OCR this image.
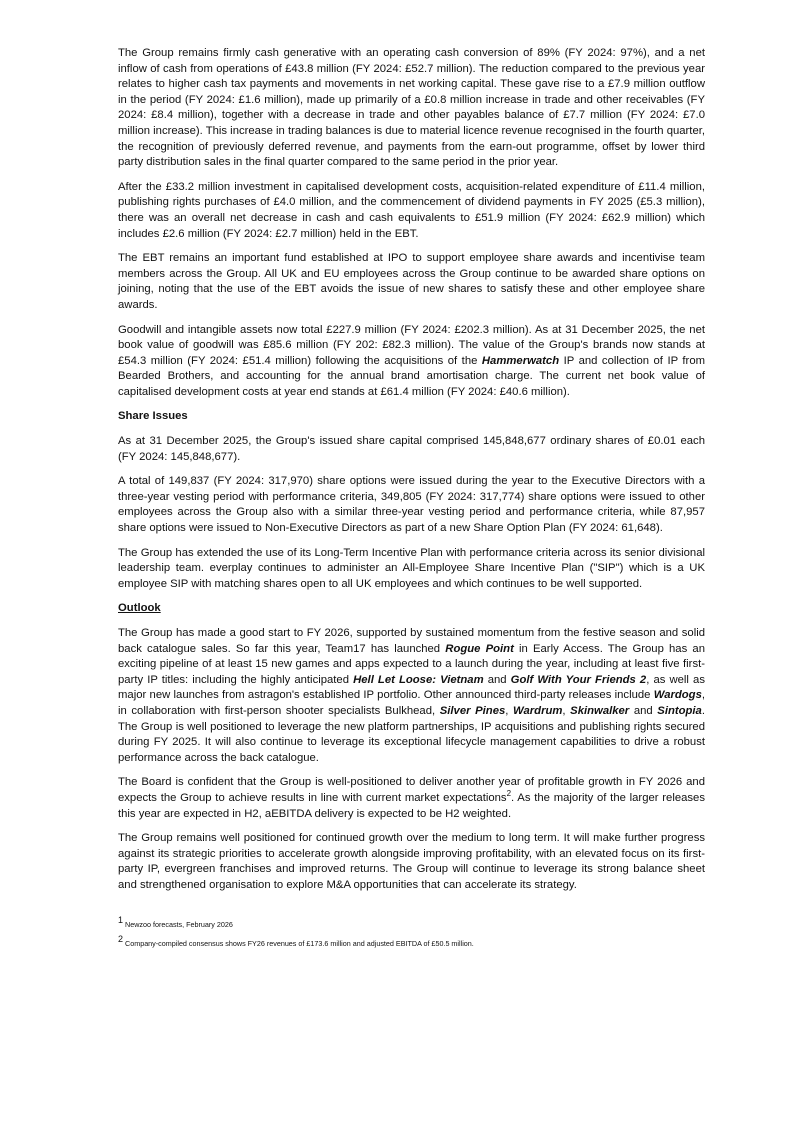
The Group remains firmly cash generative with an operating cash conversion of 89% (FY 2024: 97%), and a net inflow of cash from operations of £43.8 million (FY 2024: £52.7 million). The reduction compared to the previous year relates to higher cash tax payments and movements in net working capital. These gave rise to a £7.9 million outflow in the period (FY 2024: £1.6 million), made up primarily of a £0.8 million increase in trade and other receivables (FY 2024: £8.4 million), together with a decrease in trade and other payables balance of £7.7 million (FY 2024: £7.0 million increase). This increase in trading balances is due to material licence revenue recognised in the fourth quarter, the recognition of previously deferred revenue, and payments from the earn-out programme, offset by lower third party distribution sales in the final quarter compared to the same period in the prior year.

After the £33.2 million investment in capitalised development costs, acquisition-related expenditure of £11.4 million, publishing rights purchases of £4.0 million, and the commencement of dividend payments in FY 2025 (£5.3 million), there was an overall net decrease in cash and cash equivalents to £51.9 million (FY 2024: £62.9 million) which includes £2.6 million (FY 2024: £2.7 million) held in the EBT.

The EBT remains an important fund established at IPO to support employee share awards and incentivise team members across the Group. All UK and EU employees across the Group continue to be awarded share options on joining, noting that the use of the EBT avoids the issue of new shares to satisfy these and other employee share awards.

Goodwill and intangible assets now total £227.9 million (FY 2024: £202.3 million). As at 31 December 2025, the net book value of goodwill was £85.6 million (FY 202: £82.3 million). The value of the Group's brands now stands at £54.3 million (FY 2024: £51.4 million) following the acquisitions of the Hammerwatch IP and collection of IP from Bearded Brothers, and accounting for the annual brand amortisation charge. The current net book value of capitalised development costs at year end stands at £61.4 million (FY 2024: £40.6 million).

Share Issues

As at 31 December 2025, the Group's issued share capital comprised 145,848,677 ordinary shares of £0.01 each (FY 2024: 145,848,677).

A total of 149,837 (FY 2024: 317,970) share options were issued during the year to the Executive Directors with a three-year vesting period with performance criteria, 349,805 (FY 2024: 317,774) share options were issued to other employees across the Group also with a similar three-year vesting period and performance criteria, while 87,957 share options were issued to Non-Executive Directors as part of a new Share Option Plan (FY 2024: 61,648).

The Group has extended the use of its Long-Term Incentive Plan with performance criteria across its senior divisional leadership team. everplay continues to administer an All-Employee Share Incentive Plan ("SIP") which is a UK employee SIP with matching shares open to all UK employees and which continues to be well supported.

Outlook

The Group has made a good start to FY 2026, supported by sustained momentum from the festive season and solid back catalogue sales. So far this year, Team17 has launched Rogue Point in Early Access. The Group has an exciting pipeline of at least 15 new games and apps expected to a launch during the year, including at least five first-party IP titles: including the highly anticipated Hell Let Loose: Vietnam and Golf With Your Friends 2, as well as major new launches from astragon's established IP portfolio. Other announced third-party releases include Wardogs, in collaboration with first-person shooter specialists Bulkhead, Silver Pines, Wardrum, Skinwalker and Sintopia. The Group is well positioned to leverage the new platform partnerships, IP acquisitions and publishing rights secured during FY 2025. It will also continue to leverage its exceptional lifecycle management capabilities to drive a robust performance across the back catalogue.

The Board is confident that the Group is well-positioned to deliver another year of profitable growth in FY 2026 and expects the Group to achieve results in line with current market expectations$^2$. As the majority of the larger releases this year are expected in H2, aEBITDA delivery is expected to be H2 weighted.

The Group remains well positioned for continued growth over the medium to long term. It will make further progress against its strategic priorities to accelerate growth alongside improving profitability, with an elevated focus on its first-party IP, evergreen franchises and improved returns. The Group will continue to leverage its strong balance sheet and strengthened organisation to explore M&A opportunities that can accelerate its strategy.

$^1$ Newzoo forecasts, February 2026
$^2$ Company-compiled consensus shows FY26 revenues of £173.6 million and adjusted EBITDA of £50.5 million.
